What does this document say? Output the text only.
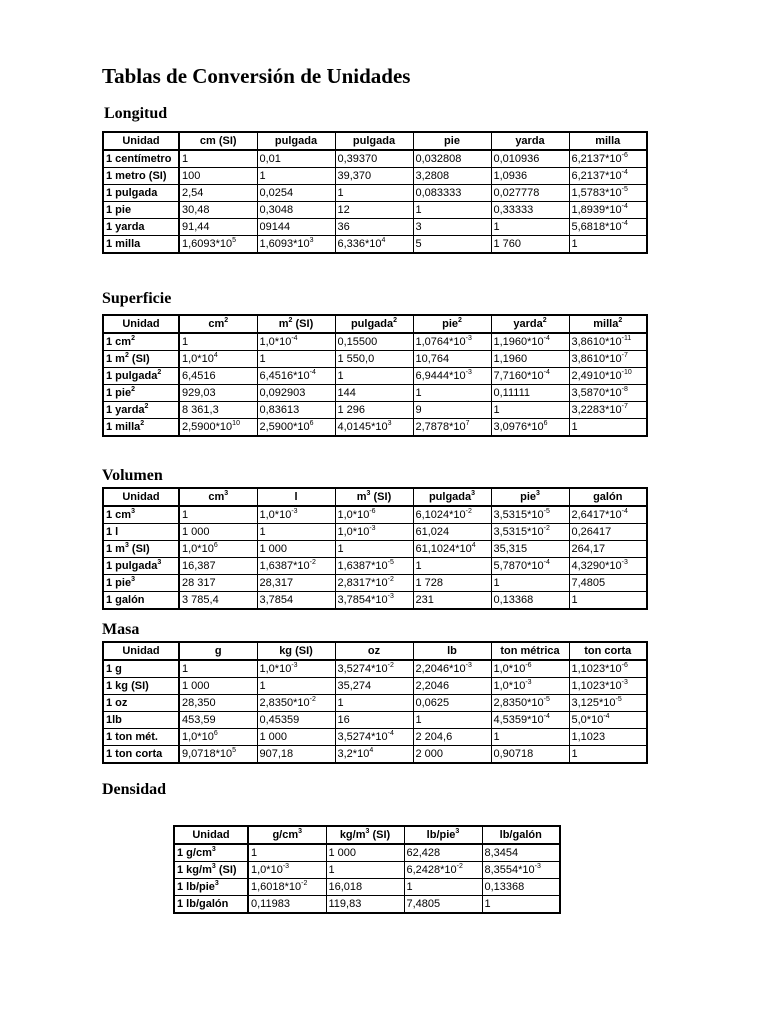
Tablas de Conversión de Unidades
Longitud
Unidad	cm (SI)	pulgada	pulgada	pie	yarda	milla
1 centímetro	1	0,01	0,39370	0,032808	0,010936	$6,2137*10^{-6}$
1 metro (SI)	100	1	39,370	3,2808	1,0936	$6,2137*10^{-4}$
1 pulgada	2,54	0,0254	1	0,083333	0,027778	$1,5783*10^{-5}$
1 pie	30,48	0,3048	12	1	0,33333	$1,8939*10^{-4}$
1 yarda	91,44	09144	36	3	1	$5,6818*10^{-4}$
1 milla	$1,6093*10^5$	$1,6093*10^3$	$6,336*10^4$	5	1 760	1
Superficie
Unidad	$cm^2$	$m^2$ (SI)	pulgada$^2$	pie$^2$	yarda$^2$	milla$^2$
1 $cm^2$	1	$1,0*10^{-4}$	0,15500	$1,0764*10^{-3}$	$1,1960*10^{-4}$	$3,8610*10^{-11}$
1 $m^2$ (SI)	$1,0*10^4$	1	1 550,0	10,764	1,1960	$3,8610*10^{-7}$
1 pulgada$^2$	6,4516	$6,4516*10^{-4}$	1	$6,9444*10^{-3}$	$7,7160*10^{-4}$	$2,4910*10^{-10}$
1 pie$^2$	929,03	0,092903	144	1	0,11111	$3,5870*10^{-8}$
1 yarda$^2$	8 361,3	0,83613	1 296	9	1	$3,2283*10^{-7}$
1 milla$^2$	$2,5900*10^{10}$	$2,5900*10^6$	$4,0145*10^3$	$2,7878*10^7$	$3,0976*10^6$	1
Volumen
Unidad	$cm^3$	l	$m^3$ (SI)	pulgada$^3$	pie$^3$	galón
1 $cm^3$	1	$1,0*10^{-3}$	$1,0*10^{-6}$	$6,1024*10^{-2}$	$3,5315*10^{-5}$	$2,6417*10^{-4}$
1 l	1 000	1	$1,0*10^{-3}$	61,024	$3,5315*10^{-2}$	0,26417
1 $m^3$ (SI)	$1,0*10^6$	1 000	1	$61,1024*10^4$	35,315	264,17
1 pulgada$^3$	16,387	$1,6387*10^{-2}$	$1,6387*10^{-5}$	1	$5,7870*10^{-4}$	$4,3290*10^{-3}$
1 pie$^3$	28 317	28,317	$2,8317*10^{-2}$	1 728	1	7,4805
1 galón	3 785,4	3,7854	$3,7854*10^{-3}$	231	0,13368	1
Masa
Unidad	g	kg (SI)	oz	lb	ton métrica	ton corta
1 g	1	$1,0*10^{-3}$	$3,5274*10^{-2}$	$2,2046*10^{-3}$	$1,0*10^{-6}$	$1,1023*10^{-6}$
1 kg (SI)	1 000	1	35,274	2,2046	$1,0*10^{-3}$	$1,1023*10^{-3}$
1 oz	28,350	$2,8350*10^{-2}$	1	0,0625	$2,8350*10^{-5}$	$3,125*10^{-5}$
1lb	453,59	0,45359	16	1	$4,5359*10^{-4}$	$5,0*10^{-4}$
1 ton mét.	$1,0*10^6$	1 000	$3,5274*10^{-4}$	2 204,6	1	1,1023
1 ton corta	$9,0718*10^5$	907,18	$3,2*10^4$	2 000	0,90718	1
Densidad
Unidad	$g/cm^3$	$kg/m^3$ (SI)	lb/pie$^3$	lb/galón
1 $g/cm^3$	1	1 000	62,428	8,3454
1 $kg/m^3$ (SI)	$1,0*10^{-3}$	1	$6,2428*10^{-2}$	$8,3554*10^{-3}$
1 lb/pie$^3$	$1,6018*10^{-2}$	16,018	1	0,13368
1 lb/galón	0,11983	119,83	7,4805	1
